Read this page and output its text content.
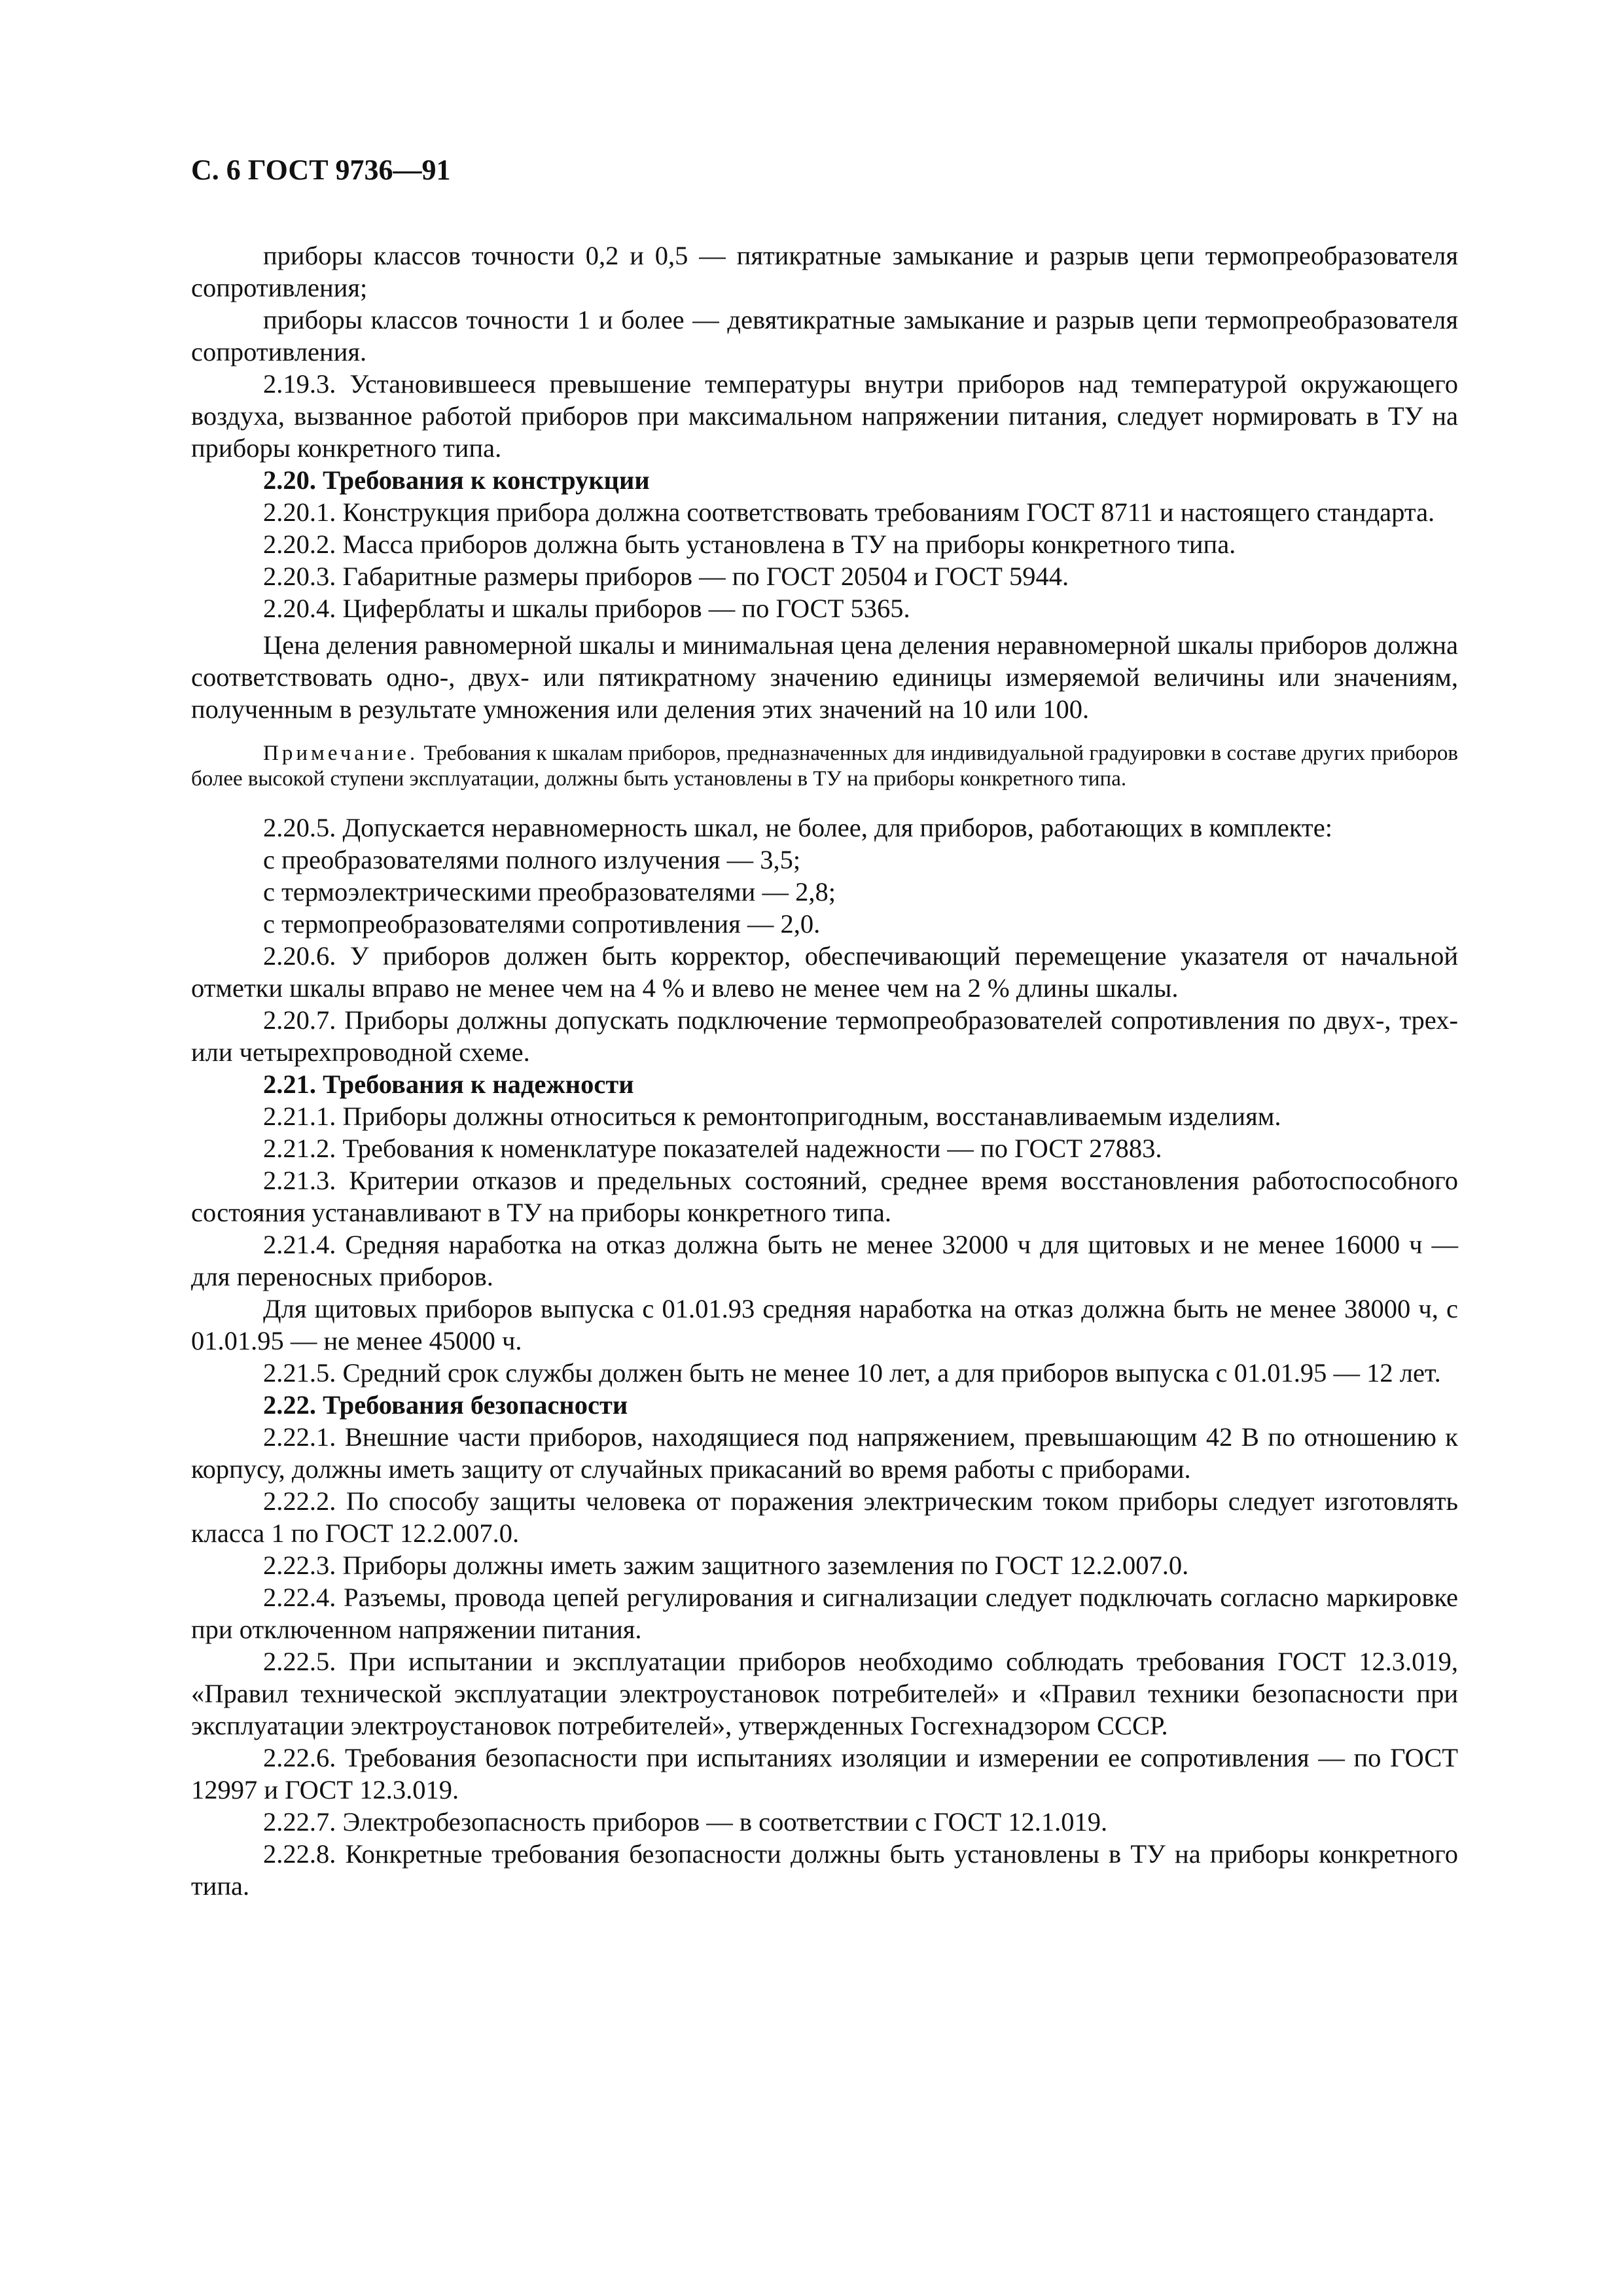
С. 6 ГОСТ 9736—91

приборы классов точности 0,2 и 0,5 — пятикратные замыкание и разрыв цепи термопреобразователя сопротивления;

приборы классов точности 1 и более — девятикратные замыкание и разрыв цепи термопреобразователя сопротивления.

2.19.3. Установившееся превышение температуры внутри приборов над температурой окружающего воздуха, вызванное работой приборов при максимальном напряжении питания, следует нормировать в ТУ на приборы конкретного типа.

2.20. Требования к конструкции

2.20.1. Конструкция прибора должна соответствовать требованиям ГОСТ 8711 и настоящего стандарта.

2.20.2. Масса приборов должна быть установлена в ТУ на приборы конкретного типа.

2.20.3. Габаритные размеры приборов — по ГОСТ 20504 и ГОСТ 5944.

2.20.4. Циферблаты и шкалы приборов — по ГОСТ 5365.

Цена деления равномерной шкалы и минимальная цена деления неравномерной шкалы приборов должна соответствовать одно-, двух- или пятикратному значению единицы измеряемой величины или значениям, полученным в результате умножения или деления этих значений на 10 или 100.

Примечание. Требования к шкалам приборов, предназначенных для индивидуальной градуировки в составе других приборов более высокой ступени эксплуатации, должны быть установлены в ТУ на приборы конкретного типа.

2.20.5. Допускается неравномерность шкал, не более, для приборов, работающих в комплекте:

с преобразователями полного излучения — 3,5;

с термоэлектрическими преобразователями — 2,8;

с термопреобразователями сопротивления — 2,0.

2.20.6. У приборов должен быть корректор, обеспечивающий перемещение указателя от начальной отметки шкалы вправо не менее чем на 4 % и влево не менее чем на 2 % длины шкалы.

2.20.7. Приборы должны допускать подключение термопреобразователей сопротивления по двух-, трех- или четырехпроводной схеме.

2.21. Требования к надежности

2.21.1. Приборы должны относиться к ремонтопригодным, восстанавливаемым изделиям.

2.21.2. Требования к номенклатуре показателей надежности — по ГОСТ 27883.

2.21.3. Критерии отказов и предельных состояний, среднее время восстановления работоспособного состояния устанавливают в ТУ на приборы конкретного типа.

2.21.4. Средняя наработка на отказ должна быть не менее 32000 ч для щитовых и не менее 16000 ч — для переносных приборов.

Для щитовых приборов выпуска с 01.01.93 средняя наработка на отказ должна быть не менее 38000 ч, с 01.01.95 — не менее 45000 ч.

2.21.5. Средний срок службы должен быть не менее 10 лет, а для приборов выпуска с 01.01.95 — 12 лет.

2.22. Требования безопасности

2.22.1. Внешние части приборов, находящиеся под напряжением, превышающим 42 В по отношению к корпусу, должны иметь защиту от случайных прикасаний во время работы с приборами.

2.22.2. По способу защиты человека от поражения электрическим током приборы следует изготовлять класса 1 по ГОСТ 12.2.007.0.

2.22.3. Приборы должны иметь зажим защитного заземления по ГОСТ 12.2.007.0.

2.22.4. Разъемы, провода цепей регулирования и сигнализации следует подключать согласно маркировке при отключенном напряжении питания.

2.22.5. При испытании и эксплуатации приборов необходимо соблюдать требования ГОСТ 12.3.019, «Правил технической эксплуатации электроустановок потребителей» и «Правил техники безопасности при эксплуатации электроустановок потребителей», утвержденных Госгехнадзором СССР.

2.22.6. Требования безопасности при испытаниях изоляции и измерении ее сопротивления — по ГОСТ 12997 и ГОСТ 12.3.019.

2.22.7. Электробезопасность приборов — в соответствии с ГОСТ 12.1.019.

2.22.8. Конкретные требования безопасности должны быть установлены в ТУ на приборы конкретного типа.
